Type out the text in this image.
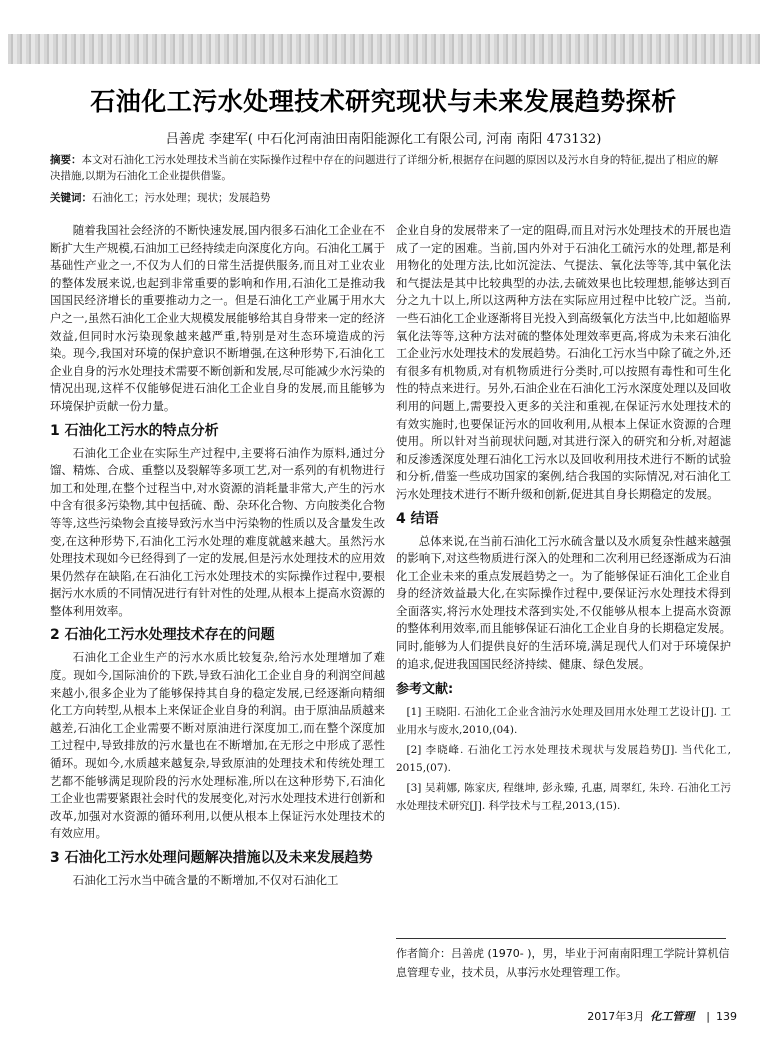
石油化工污水处理技术研究现状与未来发展趋势探析
吕善虎 李建军( 中石化河南油田南阳能源化工有限公司, 河南 南阳 473132)
摘要：本文对石油化工污水处理技术当前在实际操作过程中存在的问题进行了详细分析,根据存在问题的原因以及污水自身的特征,提出了相应的解决措施,以期为石油化工企业提供借鉴。
关键词：石油化工；污水处理；现状；发展趋势

随着我国社会经济的不断快速发展,国内很多石油化工企业在不断扩大生产规模,石油加工已经持续走向深度化方向。石油化工属于基础性产业之一,不仅为人们的日常生活提供服务,而且对工业农业的整体发展来说,也起到非常重要的影响和作用,石油化工是推动我国国民经济增长的重要推动力之一。但是石油化工产业属于用水大户之一,虽然石油化工企业大规模发展能够给其自身带来一定的经济效益,但同时水污染现象越来越严重,特别是对生态环境造成的污染。现今,我国对环境的保护意识不断增强,在这种形势下,石油化工企业自身的污水处理技术需要不断创新和发展,尽可能减少水污染的情况出现,这样不仅能够促进石油化工企业自身的发展,而且能够为环境保护贡献一份力量。

1 石油化工污水的特点分析

石油化工企业在实际生产过程中,主要将石油作为原料,通过分馏、精炼、合成、重整以及裂解等多项工艺,对一系列的有机物进行加工和处理,在整个过程当中,对水资源的消耗量非常大,产生的污水中含有很多污染物,其中包括硫、酚、杂环化合物、方向胺类化合物等等,这些污染物会直接导致污水当中污染物的性质以及含量发生改变,在这种形势下,石油化工污水处理的难度就越来越大。虽然污水处理技术现如今已经得到了一定的发展,但是污水处理技术的应用效果仍然存在缺陷,在石油化工污水处理技术的实际操作过程中,要根据污水水质的不同情况进行有针对性的处理,从根本上提高水资源的整体利用效率。

2 石油化工污水处理技术存在的问题

石油化工企业生产的污水水质比较复杂,给污水处理增加了难度。现如今,国际油价的下跌,导致石油化工企业自身的利润空间越来越小,很多企业为了能够保持其自身的稳定发展,已经逐渐向精细化工方向转型,从根本上来保证企业自身的利润。由于原油品质越来越差,石油化工企业需要不断对原油进行深度加工,而在整个深度加工过程中,导致排放的污水量也在不断增加,在无形之中形成了恶性循环。现如今,水质越来越复杂,导致原油的处理技术和传统处理工艺都不能够满足现阶段的污水处理标准,所以在这种形势下,石油化工企业也需要紧跟社会时代的发展变化,对污水处理技术进行创新和改革,加强对水资源的循环利用,以便从根本上保证污水处理技术的有效应用。

3 石油化工污水处理问题解决措施以及未来发展趋势

石油化工污水当中硫含量的不断增加,不仅对石油化工

企业自身的发展带来了一定的阻碍,而且对污水处理技术的开展也造成了一定的困难。当前,国内外对于石油化工硫污水的处理,都是利用物化的处理方法,比如沉淀法、气提法、氧化法等等,其中氧化法和气提法是其中比较典型的办法,去硫效果也比较理想,能够达到百分之九十以上,所以这两种方法在实际应用过程中比较广泛。当前,一些石油化工企业逐渐将目光投入到高级氧化方法当中,比如超临界氧化法等等,这种方法对硫的整体处理效率更高,将成为未来石油化工企业污水处理技术的发展趋势。石油化工污水当中除了硫之外,还有很多有机物质,对有机物质进行分类时,可以按照有毒性和可生化性的特点来进行。另外,石油企业在石油化工污水深度处理以及回收利用的问题上,需要投入更多的关注和重视,在保证污水处理技术的有效实施时,也要保证污水的回收利用,从根本上保证水资源的合理使用。所以针对当前现状问题,对其进行深入的研究和分析,对超滤和反渗透深度处理石油化工污水以及回收利用技术进行不断的试验和分析,借鉴一些成功国家的案例,结合我国的实际情况,对石油化工污水处理技术进行不断升级和创新,促进其自身长期稳定的发展。

4 结语

总体来说,在当前石油化工污水硫含量以及水质复杂性越来越强的影响下,对这些物质进行深入的处理和二次利用已经逐渐成为石油化工企业未来的重点发展趋势之一。为了能够保证石油化工企业自身的经济效益最大化,在实际操作过程中,要保证污水处理技术得到全面落实,将污水处理技术落到实处,不仅能够从根本上提高水资源的整体利用效率,而且能够保证石油化工企业自身的长期稳定发展。同时,能够为人们提供良好的生活环境,满足现代人们对于环境保护的追求,促进我国国民经济持续、健康、绿色发展。

参考文献:

[1] 王晓阳. 石油化工企业含油污水处理及回用水处理工艺设计[J]. 工业用水与废水,2010,(04).

[2] 李晓峰. 石油化工污水处理技术现状与发展趋势[J]. 当代化工, 2015,(07).

[3] 吴莉娜, 陈家庆, 程继坤, 彭永臻, 孔惠, 周翠红, 朱玲. 石油化工污水处理技术研究[J]. 科学技术与工程,2013,(15).

作者简介：吕善虎 (1970- )，男，毕业于河南南阳理工学院计算机信息管理专业，技术员，从事污水处理管理工作。
2017年3月 化工管理 | 139
